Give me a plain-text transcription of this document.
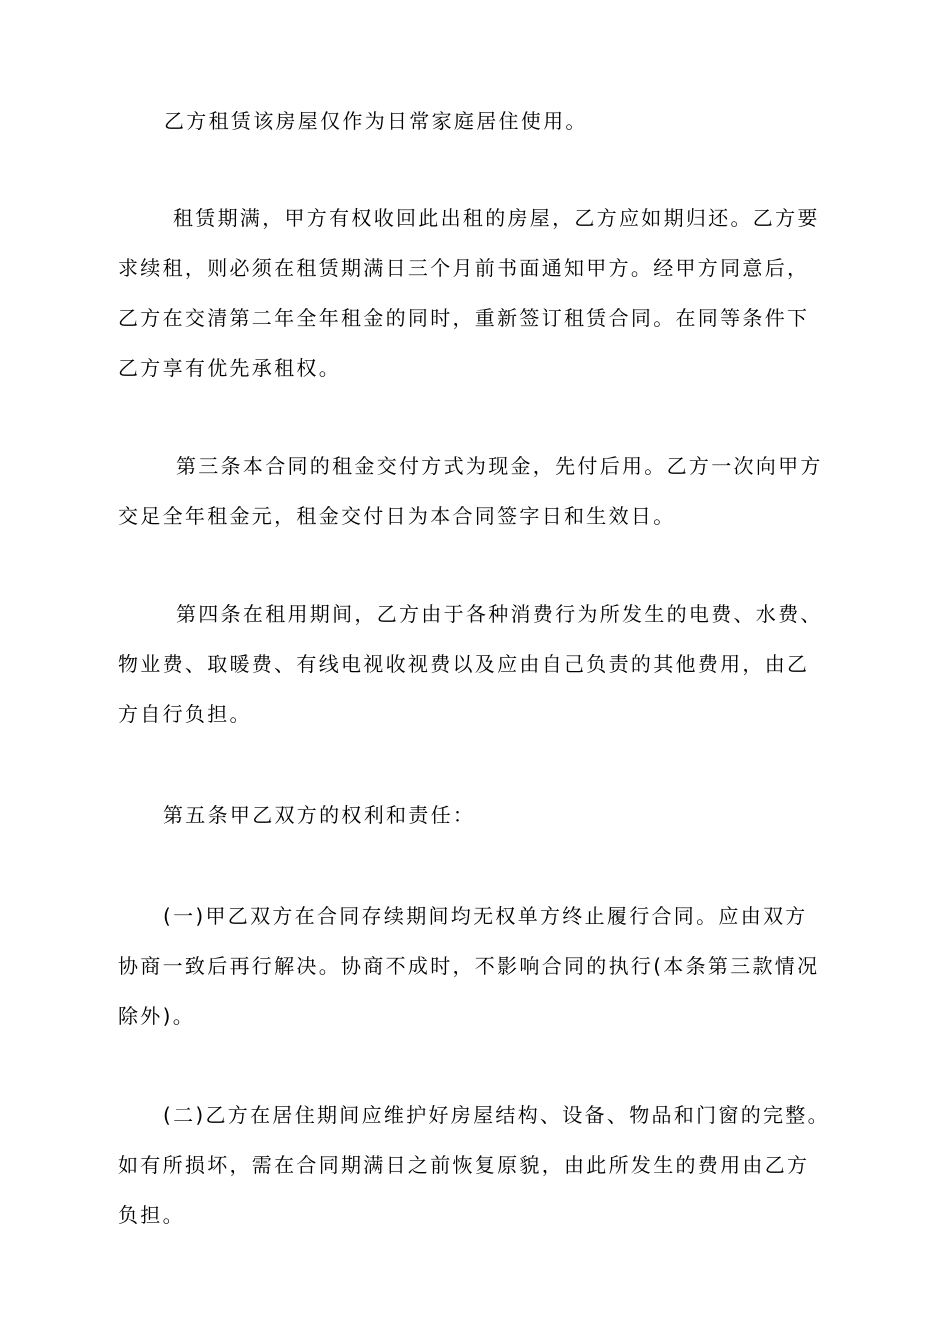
乙方租赁该房屋仅作为日常家庭居住使用。
租赁期满，甲方有权收回此出租的房屋，乙方应如期归还。乙方要
求续租，则必须在租赁期满日三个月前书面通知甲方。经甲方同意后，
乙方在交清第二年全年租金的同时，重新签订租赁合同。在同等条件下
乙方享有优先承租权。
第三条本合同的租金交付方式为现金，先付后用。乙方一次向甲方
交足全年租金元，租金交付日为本合同签字日和生效日。
第四条在租用期间，乙方由于各种消费行为所发生的电费、水费、
物业费、取暖费、有线电视收视费以及应由自己负责的其他费用，由乙
方自行负担。
第五条甲乙双方的权利和责任：
(一)甲乙双方在合同存续期间均无权单方终止履行合同。应由双方
协商一致后再行解决。协商不成时，不影响合同的执行(本条第三款情况
除外)。
(二)乙方在居住期间应维护好房屋结构、设备、物品和门窗的完整。
如有所损坏，需在合同期满日之前恢复原貌，由此所发生的费用由乙方
负担。
